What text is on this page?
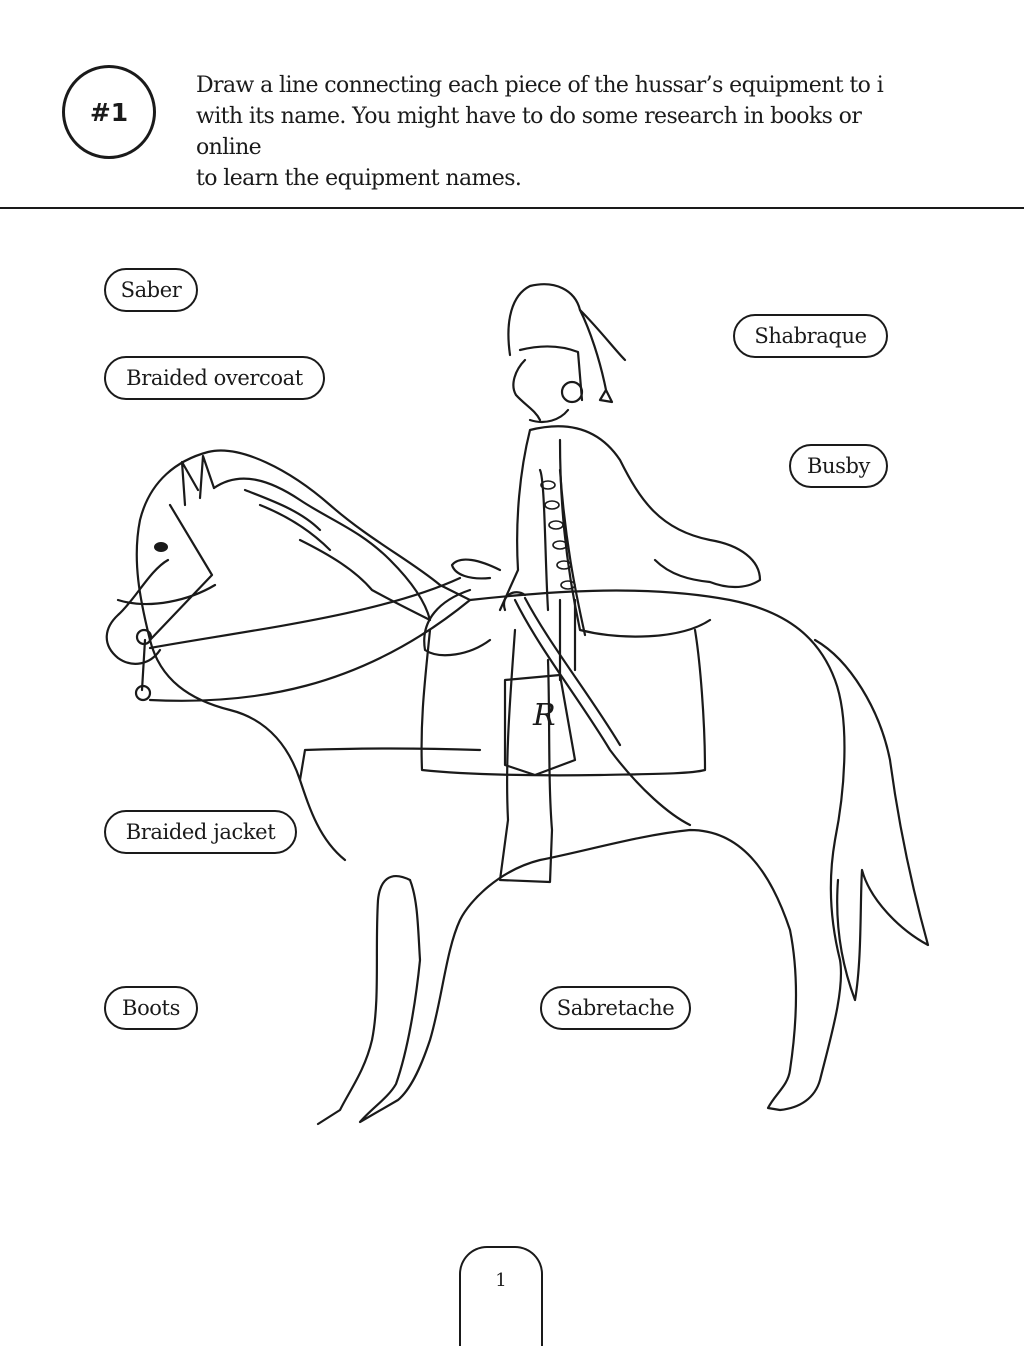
#1
Draw a line connecting each piece of the hussar’s equipment to i
with its name. You might have to do some research in books or online
to learn the equipment names.
R
Saber
Braided overcoat
Shabraque
Busby
Braided jacket
Boots	Sabretache
1
